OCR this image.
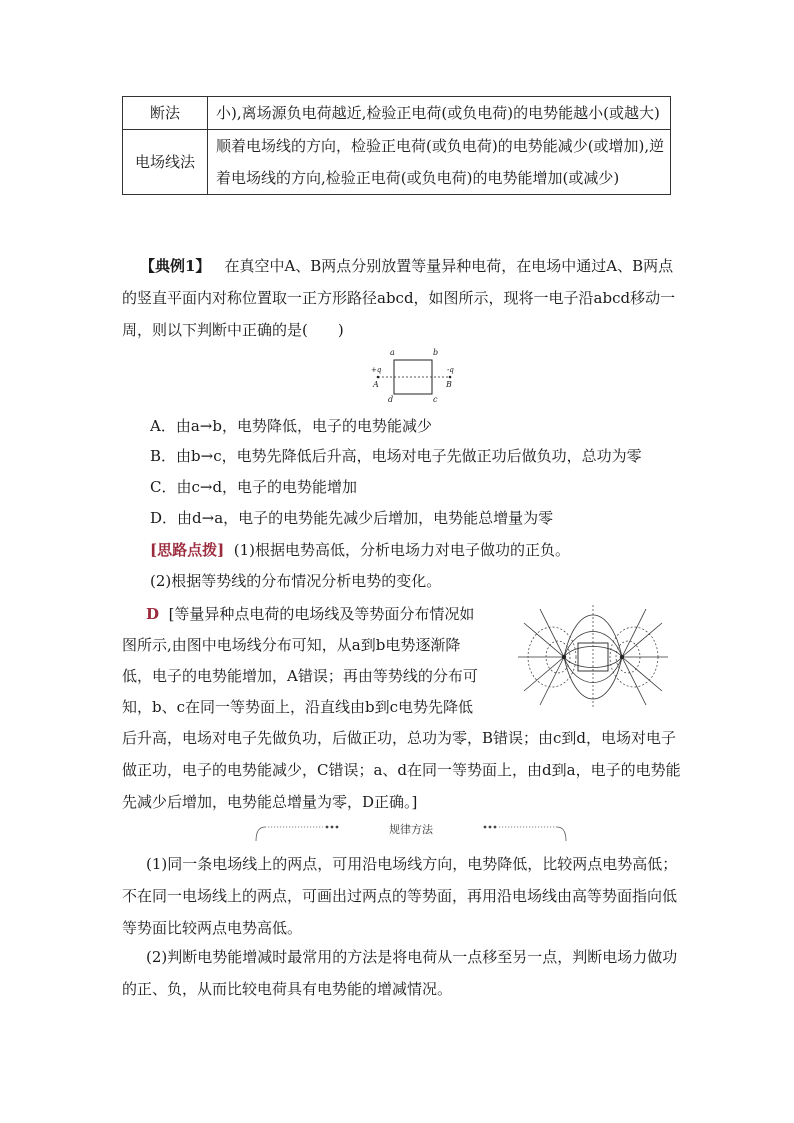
断法	小),离场源负电荷越近,检验正电荷(或负电荷)的电势能越小(或越大)
电场线法	顺着电场线的方向，检验正电荷(或负电荷)的电势能减少(或增加),逆着电场线的方向,检验正电荷(或负电荷)的电势能增加(或减少)

【典例1】 在真空中A、B两点分别放置等量异种电荷，在电场中通过A、B两点的竖直平面内对称位置取一正方形路径abcd，如图所示，现将一电子沿abcd移动一周，则以下判断中正确的是(　　)

a	b
c
d
+q	-q
A	B

A．由a→b，电势降低，电子的电势能减少

B．由b→c，电势先降低后升高，电场对电子先做正功后做负功，总功为零

C．由c→d，电子的电势能增加

D．由d→a，电子的电势能先减少后增加，电势能总增量为零

[思路点拨] (1)根据电势高低，分析电场力对电子做功的正负。

(2)根据等势线的分布情况分析电势的变化。

D [等量异种点电荷的电场线及等势面分布情况如

图所示,由图中电场线分布可知，从a到b电势逐渐降

低，电子的电势能增加，A错误；再由等势线的分布可

知，b、c在同一等势面上，沿直线由b到c电势先降低

后升高，电场对电子先做负功，后做正功，总功为零，B错误；由c到d，电场对电子做正功，电子的电势能减少，C错误；a、d在同一等势面上，由d到a，电子的电势能先减少后增加，电势能总增量为零，D正确。]

规律方法

(1)同一条电场线上的两点，可用沿电场线方向，电势降低，比较两点电势高低；不在同一电场线上的两点，可画出过两点的等势面，再用沿电场线由高等势面指向低等势面比较两点电势高低。

(2)判断电势能增减时最常用的方法是将电荷从一点移至另一点，判断电场力做功的正、负，从而比较电荷具有电势能的增减情况。
